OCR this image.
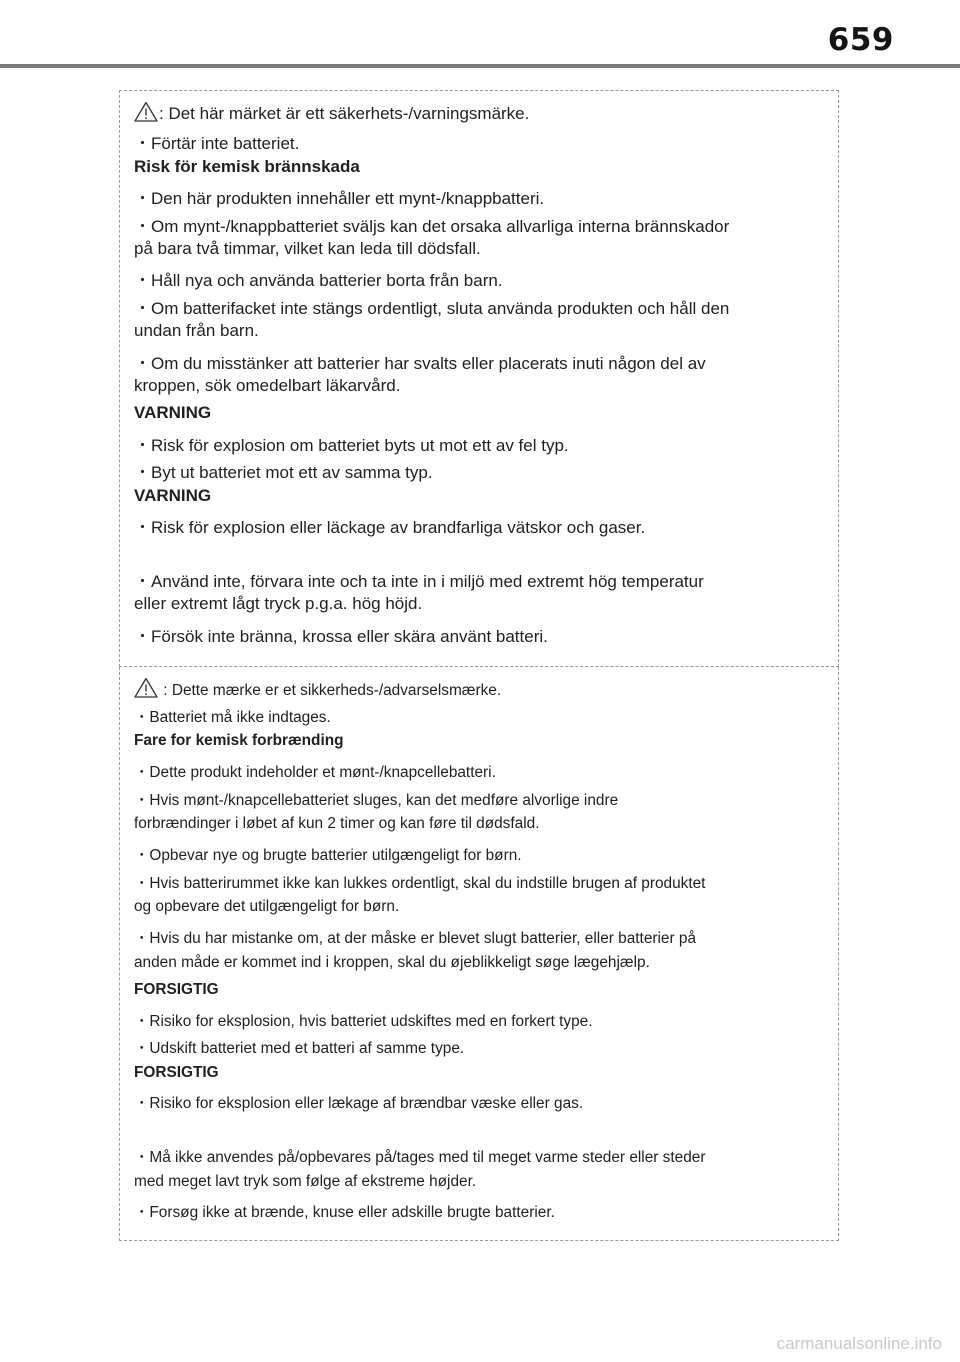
659
: Det här märket är ett säkerhets-/varningsmärke.
・Förtär inte batteriet.
Risk för kemisk brännskada
・Den här produkten innehåller ett mynt-/knappbatteri.
・Om mynt-/knappbatteriet sväljs kan det orsaka allvarliga interna brännskador
på bara två timmar, vilket kan leda till dödsfall.
・Håll nya och använda batterier borta från barn.
・Om batterifacket inte stängs ordentligt, sluta använda produkten och håll den
undan från barn.
・Om du misstänker att batterier har svalts eller placerats inuti någon del av
kroppen, sök omedelbart läkarvård.
VARNING
・Risk för explosion om batteriet byts ut mot ett av fel typ.
・Byt ut batteriet mot ett av samma typ.
VARNING
・Risk för explosion eller läckage av brandfarliga vätskor och gaser.
・Använd inte, förvara inte och ta inte in i miljö med extremt hög temperatur
eller extremt lågt tryck p.g.a. hög höjd.
・Försök inte bränna, krossa eller skära använt batteri.
: Dette mærke er et sikkerheds-/advarselsmærke.
・Batteriet må ikke indtages.
Fare for kemisk forbrænding
・Dette produkt indeholder et mønt-/knapcellebatteri.
・Hvis mønt-/knapcellebatteriet sluges, kan det medføre alvorlige indre
forbrændinger i løbet af kun 2 timer og kan føre til dødsfald.
・Opbevar nye og brugte batterier utilgængeligt for børn.
・Hvis batterirummet ikke kan lukkes ordentligt, skal du indstille brugen af produktet
og opbevare det utilgængeligt for børn.
・Hvis du har mistanke om, at der måske er blevet slugt batterier, eller batterier på
anden måde er kommet ind i kroppen, skal du øjeblikkeligt søge lægehjælp.
FORSIGTIG
・Risiko for eksplosion, hvis batteriet udskiftes med en forkert type.
・Udskift batteriet med et batteri af samme type.
FORSIGTIG
・Risiko for eksplosion eller lækage af brændbar væske eller gas.
・Må ikke anvendes på/opbevares på/tages med til meget varme steder eller steder
med meget lavt tryk som følge af ekstreme højder.
・Forsøg ikke at brænde, knuse eller adskille brugte batterier.
carmanualsonline.info
